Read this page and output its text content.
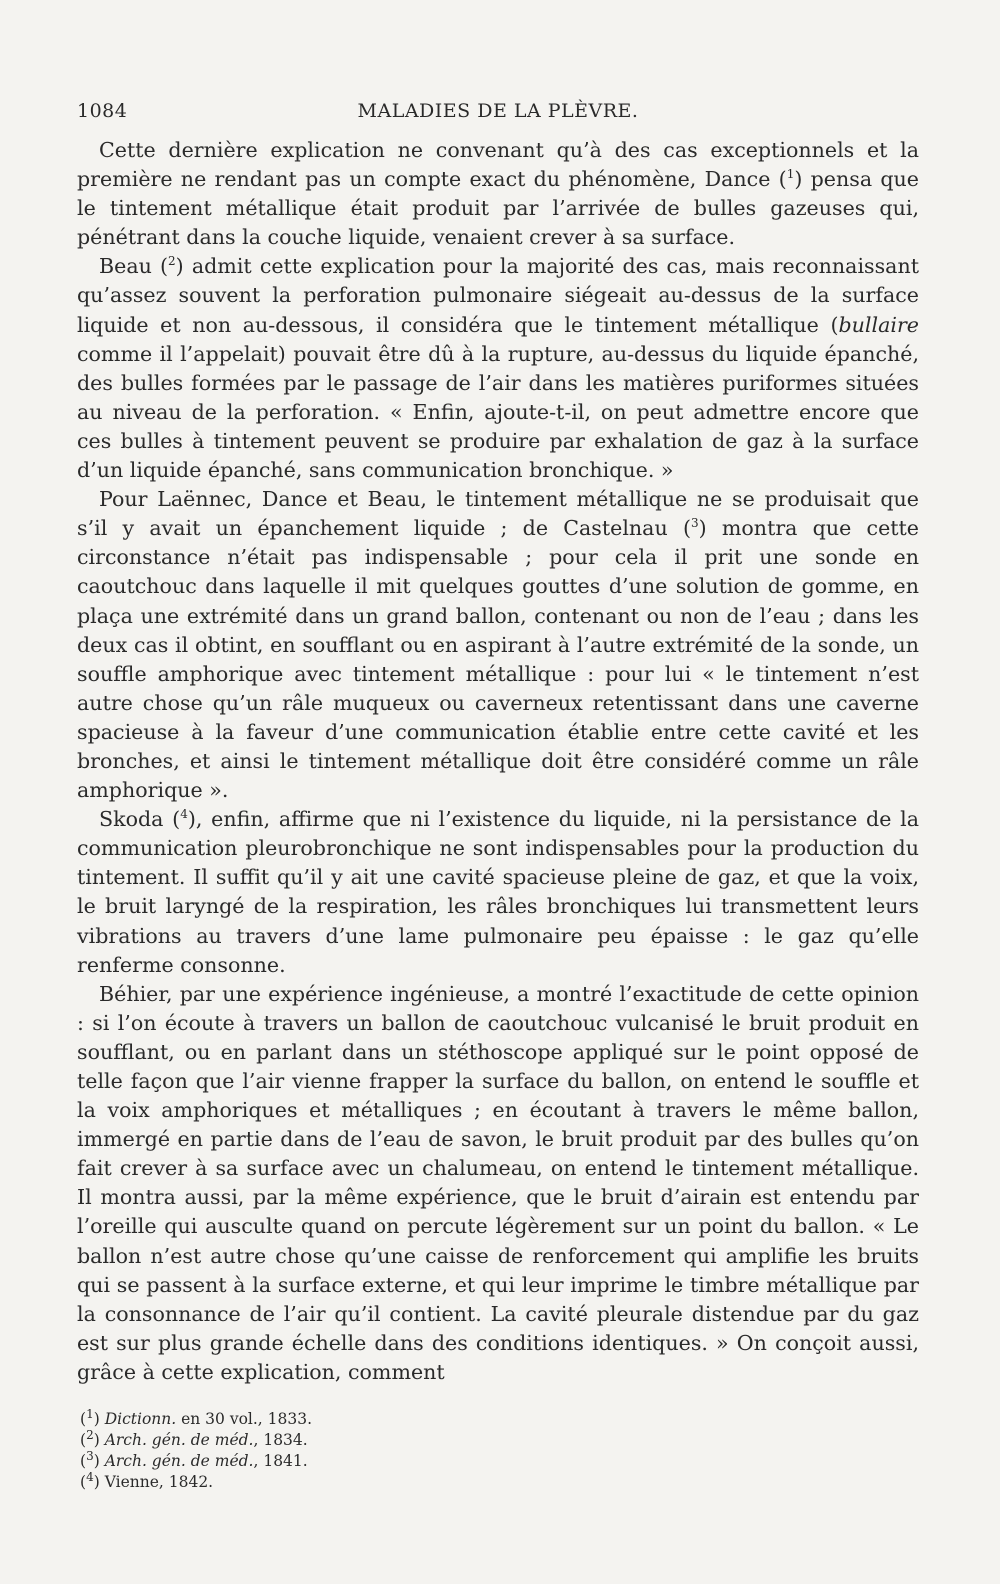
1084	MALADIES DE LA PLÈVRE.

Cette dernière explication ne convenant qu’à des cas exceptionnels et la première ne rendant pas un compte exact du phénomène, Dance ($^1$) pensa que le tintement métallique était produit par l’arrivée de bulles gazeuses qui, pénétrant dans la couche liquide, venaient crever à sa surface.

Beau ($^2$) admit cette explication pour la majorité des cas, mais reconnaissant qu’assez souvent la perforation pulmonaire siégeait au-dessus de la surface liquide et non au-dessous, il considéra que le tintement métallique (bullaire comme il l’appelait) pouvait être dû à la rupture, au-dessus du liquide épanché, des bulles formées par le passage de l’air dans les matières puriformes situées au niveau de la perforation. « Enfin, ajoute-t-il, on peut admettre encore que ces bulles à tintement peuvent se produire par exhalation de gaz à la surface d’un liquide épanché, sans communication bronchique. »

Pour Laënnec, Dance et Beau, le tintement métallique ne se produisait que s’il y avait un épanchement liquide ; de Castelnau ($^3$) montra que cette circonstance n’était pas indispensable ; pour cela il prit une sonde en caoutchouc dans laquelle il mit quelques gouttes d’une solution de gomme, en plaça une extrémité dans un grand ballon, contenant ou non de l’eau ; dans les deux cas il obtint, en soufflant ou en aspirant à l’autre extrémité de la sonde, un souffle amphorique avec tintement métallique : pour lui « le tintement n’est autre chose qu’un râle muqueux ou caverneux retentissant dans une caverne spacieuse à la faveur d’une communication établie entre cette cavité et les bronches, et ainsi le tintement métallique doit être considéré comme un râle amphorique ».

Skoda ($^4$), enfin, affirme que ni l’existence du liquide, ni la persistance de la communication pleurobronchique ne sont indispensables pour la production du tintement. Il suffit qu’il y ait une cavité spacieuse pleine de gaz, et que la voix, le bruit laryngé de la respiration, les râles bronchiques lui transmettent leurs vibrations au travers d’une lame pulmonaire peu épaisse : le gaz qu’elle renferme consonne.

Béhier, par une expérience ingénieuse, a montré l’exactitude de cette opinion : si l’on écoute à travers un ballon de caoutchouc vulcanisé le bruit produit en soufflant, ou en parlant dans un stéthoscope appliqué sur le point opposé de telle façon que l’air vienne frapper la surface du ballon, on entend le souffle et la voix amphoriques et métalliques ; en écoutant à travers le même ballon, immergé en partie dans de l’eau de savon, le bruit produit par des bulles qu’on fait crever à sa surface avec un chalumeau, on entend le tintement métallique. Il montra aussi, par la même expérience, que le bruit d’airain est entendu par l’oreille qui ausculte quand on percute légèrement sur un point du ballon. « Le ballon n’est autre chose qu’une caisse de renforcement qui amplifie les bruits qui se passent à la surface externe, et qui leur imprime le timbre métallique par la consonnance de l’air qu’il contient. La cavité pleurale distendue par du gaz est sur plus grande échelle dans des conditions identiques. » On conçoit aussi, grâce à cette explication, comment

($^1$) Dictionn. en 30 vol., 1833.
($^2$) Arch. gén. de méd., 1834.
($^3$) Arch. gén. de méd., 1841.
($^4$) Vienne, 1842.
